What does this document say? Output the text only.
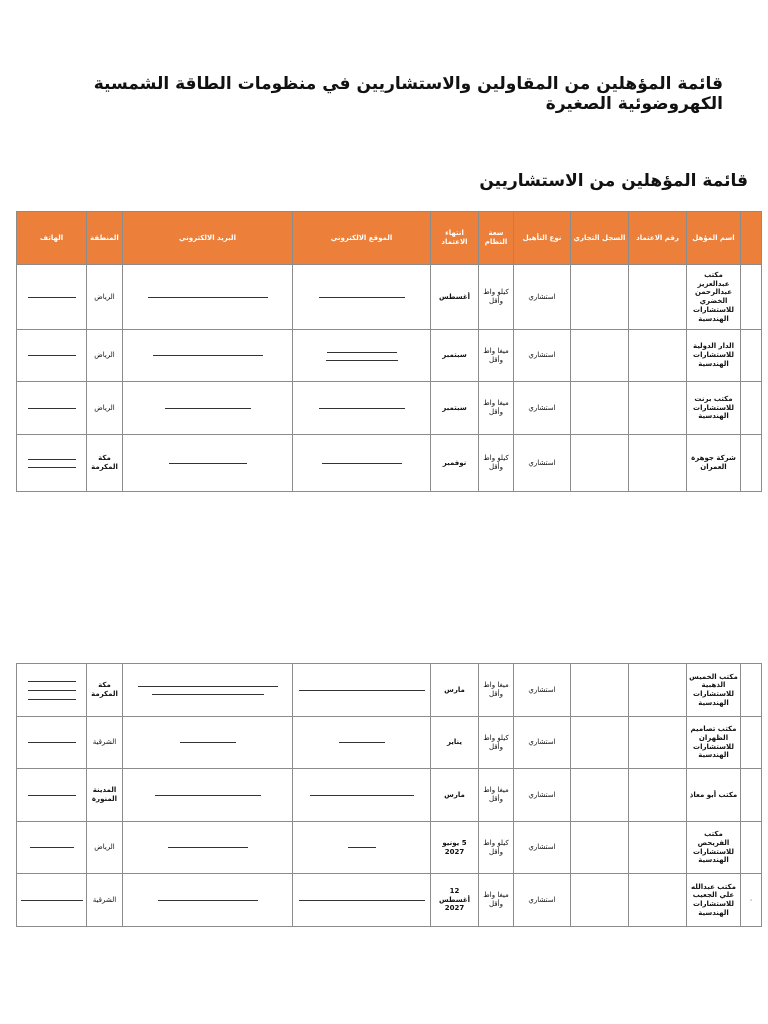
قائمة المؤهلين من المقاولين والاستشاريين في منظومات الطاقة الشمسية الكهروضوئية الصغيرة
قائمة المؤهلين من الاستشاريين
	اسم المؤهل	رقم الاعتماد	السجل التجاري	نوع التأهيل	سعة النظام	انتهاء الاعتماد	الموقع الالكتروني	البريد الالكتروني	المنطقة	الهاتف
	مكتب عبدالعزيز عبدالرحمن الخضري للاستشارات الهندسية			استشاري	كيلو واط وأقل	أغسطس			الرياض	
	الدار الدولية للاستشارات الهندسية			استشاري	ميغا واط وأقل	سبتمبر			الرياض	
	مكتب برنت للاستشارات الهندسية			استشاري	ميغا واط وأقل	سبتمبر			الرياض	
	شركة جوهرة العمران			استشاري	كيلو واط وأقل	نوفمبر			مكة المكرمة	
	مكتب الخميس الذهبية للاستشارات الهندسية			استشاري	ميغا واط وأقل	مارس			مكة المكرمة	

	مكتب تصاميم الظهران للاستشارات الهندسية			استشاري	كيلو واط وأقل	يناير			الشرقية	
	مكتب أبو معاذ			استشاري	ميغا واط وأقل	مارس			المدينة المنورة	
	مكتب الفريحص للاستشارات الهندسية			استشاري	كيلو واط وأقل	5 يونيو 2027			الرياض	
٠	مكتب عبدالله علي الجعيب للاستشارات الهندسية			استشاري	ميغا واط وأقل	12 أغسطس 2027			الشرقية	
